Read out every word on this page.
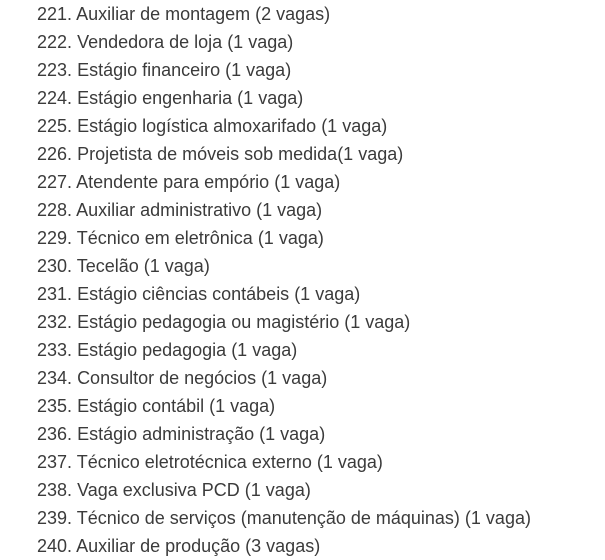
221. Auxiliar de montagem (2 vagas)
222. Vendedora de loja (1 vaga)
223. Estágio financeiro (1 vaga)
224. Estágio engenharia (1 vaga)
225. Estágio logística almoxarifado (1 vaga)
226. Projetista de móveis sob medida(1 vaga)
227. Atendente para empório (1 vaga)
228. Auxiliar administrativo (1 vaga)
229. Técnico em eletrônica (1 vaga)
230. Tecelão (1 vaga)
231. Estágio ciências contábeis (1 vaga)
232. Estágio pedagogia ou magistério (1 vaga)
233. Estágio pedagogia (1 vaga)
234. Consultor de negócios (1 vaga)
235. Estágio contábil (1 vaga)
236. Estágio administração (1 vaga)
237. Técnico eletrotécnica externo (1 vaga)
238. Vaga exclusiva PCD (1 vaga)
239. Técnico de serviços (manutenção de máquinas) (1 vaga)
240. Auxiliar de produção (3 vagas)
